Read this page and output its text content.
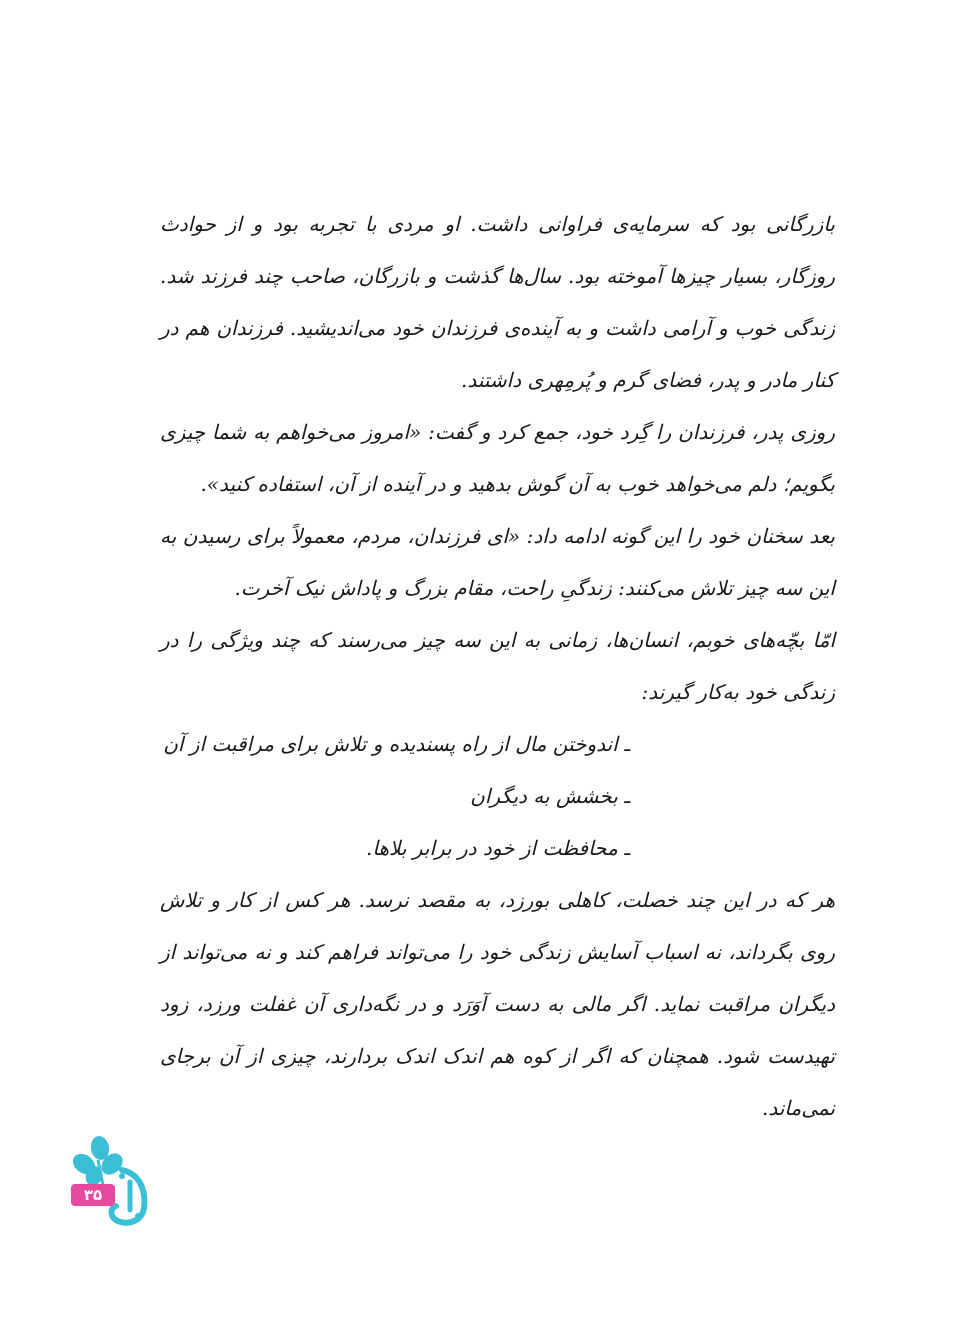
بازرگانی بود که سرمایه‌ی فراوانی داشت. او مردی با تجربه بود و از حوادث روزگار، بسیار چیزها آموخته بود. سال‌ها گذشت و بازرگان، صاحب چند فرزند شد. زندگی خوب و آرامی داشت و به آینده‌ی فرزندان خود می‌اندیشید. فرزندان هم در کنار مادر و پدر، فضای گرم و پُرمِهری داشتند.

روزی پدر، فرزندان را گِرد خود، جمع کرد و گفت: «امروز می‌خواهم به شما چیزی بگویم؛ دلم می‌خواهد خوب به آن گوش بدهید و در آینده از آن، استفاده کنید».

بعد سخنان خود را این گونه ادامه داد: «ای فرزندان، مردم، معمولاً برای رسیدن به این سه چیز تلاش می‌کنند: زندگیِ راحت، مقام بزرگ و پاداش نیک آخرت.

امّا بچّه‌های خوبم، انسان‌ها، زمانی به این سه چیز می‌رسند که چند ویژگی را در زندگی خود به‌کار گیرند:

ـ اندوختن مال از راه پسندیده و تلاش برای مراقبت از آن
ـ بخشش به دیگران
ـ محافظت از خود در برابر بلاها.

هر که در این چند خصلت، کاهلی بورزد، به مقصد نرسد. هر کس از کار و تلاش روی بگرداند، نه اسباب آسایش زندگی خود را می‌تواند فراهم کند و نه می‌تواند از دیگران مراقبت نماید. اگر مالی به دست آوَرَد و در نگه‌داری آن غفلت ورزد، زود تهیدست شود. همچنان که اگر از کوه هم اندک اندک بردارند، چیزی از آن برجای نمی‌ماند.

۳۵
